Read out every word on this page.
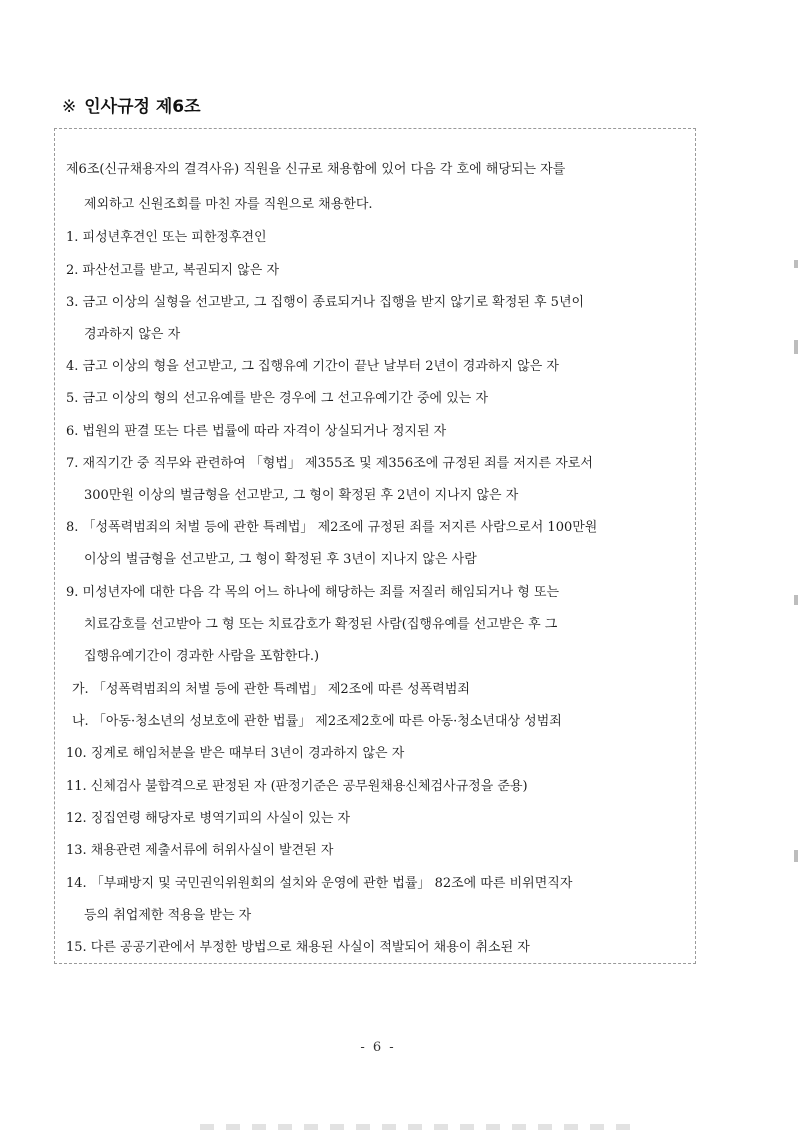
※ 인사규정 제6조
제6조(신규채용자의 결격사유) 직원을 신규로 채용함에 있어 다음 각 호에 해당되는 자를
제외하고 신원조회를 마친 자를 직원으로 채용한다.
1. 피성년후견인 또는 피한정후견인
2. 파산선고를 받고, 복권되지 않은 자
3. 금고 이상의 실형을 선고받고, 그 집행이 종료되거나 집행을 받지 않기로 확정된 후 5년이
경과하지 않은 자
4. 금고 이상의 형을 선고받고, 그 집행유예 기간이 끝난 날부터 2년이 경과하지 않은 자
5. 금고 이상의 형의 선고유예를 받은 경우에 그 선고유예기간 중에 있는 자
6. 법원의 판결 또는 다른 법률에 따라 자격이 상실되거나 정지된 자
7. 재직기간 중 직무와 관련하여 「형법」 제355조 및 제356조에 규정된 죄를 저지른 자로서
300만원 이상의 벌금형을 선고받고, 그 형이 확정된 후 2년이 지나지 않은 자
8. 「성폭력범죄의 처벌 등에 관한 특례법」 제2조에 규정된 죄를 저지른 사람으로서 100만원
이상의 벌금형을 선고받고, 그 형이 확정된 후 3년이 지나지 않은 사람
9. 미성년자에 대한 다음 각 목의 어느 하나에 해당하는 죄를 저질러 해임되거나 형 또는
치료감호를 선고받아 그 형 또는 치료감호가 확정된 사람(집행유예를 선고받은 후 그
집행유예기간이 경과한 사람을 포함한다.)
가. 「성폭력범죄의 처벌 등에 관한 특례법」 제2조에 따른 성폭력범죄
나. 「아동·청소년의 성보호에 관한 법률」 제2조제2호에 따른 아동·청소년대상 성범죄
10. 징계로 해임처분을 받은 때부터 3년이 경과하지 않은 자
11. 신체검사 불합격으로 판정된 자 (판정기준은 공무원채용신체검사규정을 준용)
12. 징집연령 해당자로 병역기피의 사실이 있는 자
13. 채용관련 제출서류에 허위사실이 발견된 자
14. 「부패방지 및 국민권익위원회의 설치와 운영에 관한 법률」 82조에 따른 비위면직자
등의 취업제한 적용을 받는 자
15. 다른 공공기관에서 부정한 방법으로 채용된 사실이 적발되어 채용이 취소된 자
- 6 -
